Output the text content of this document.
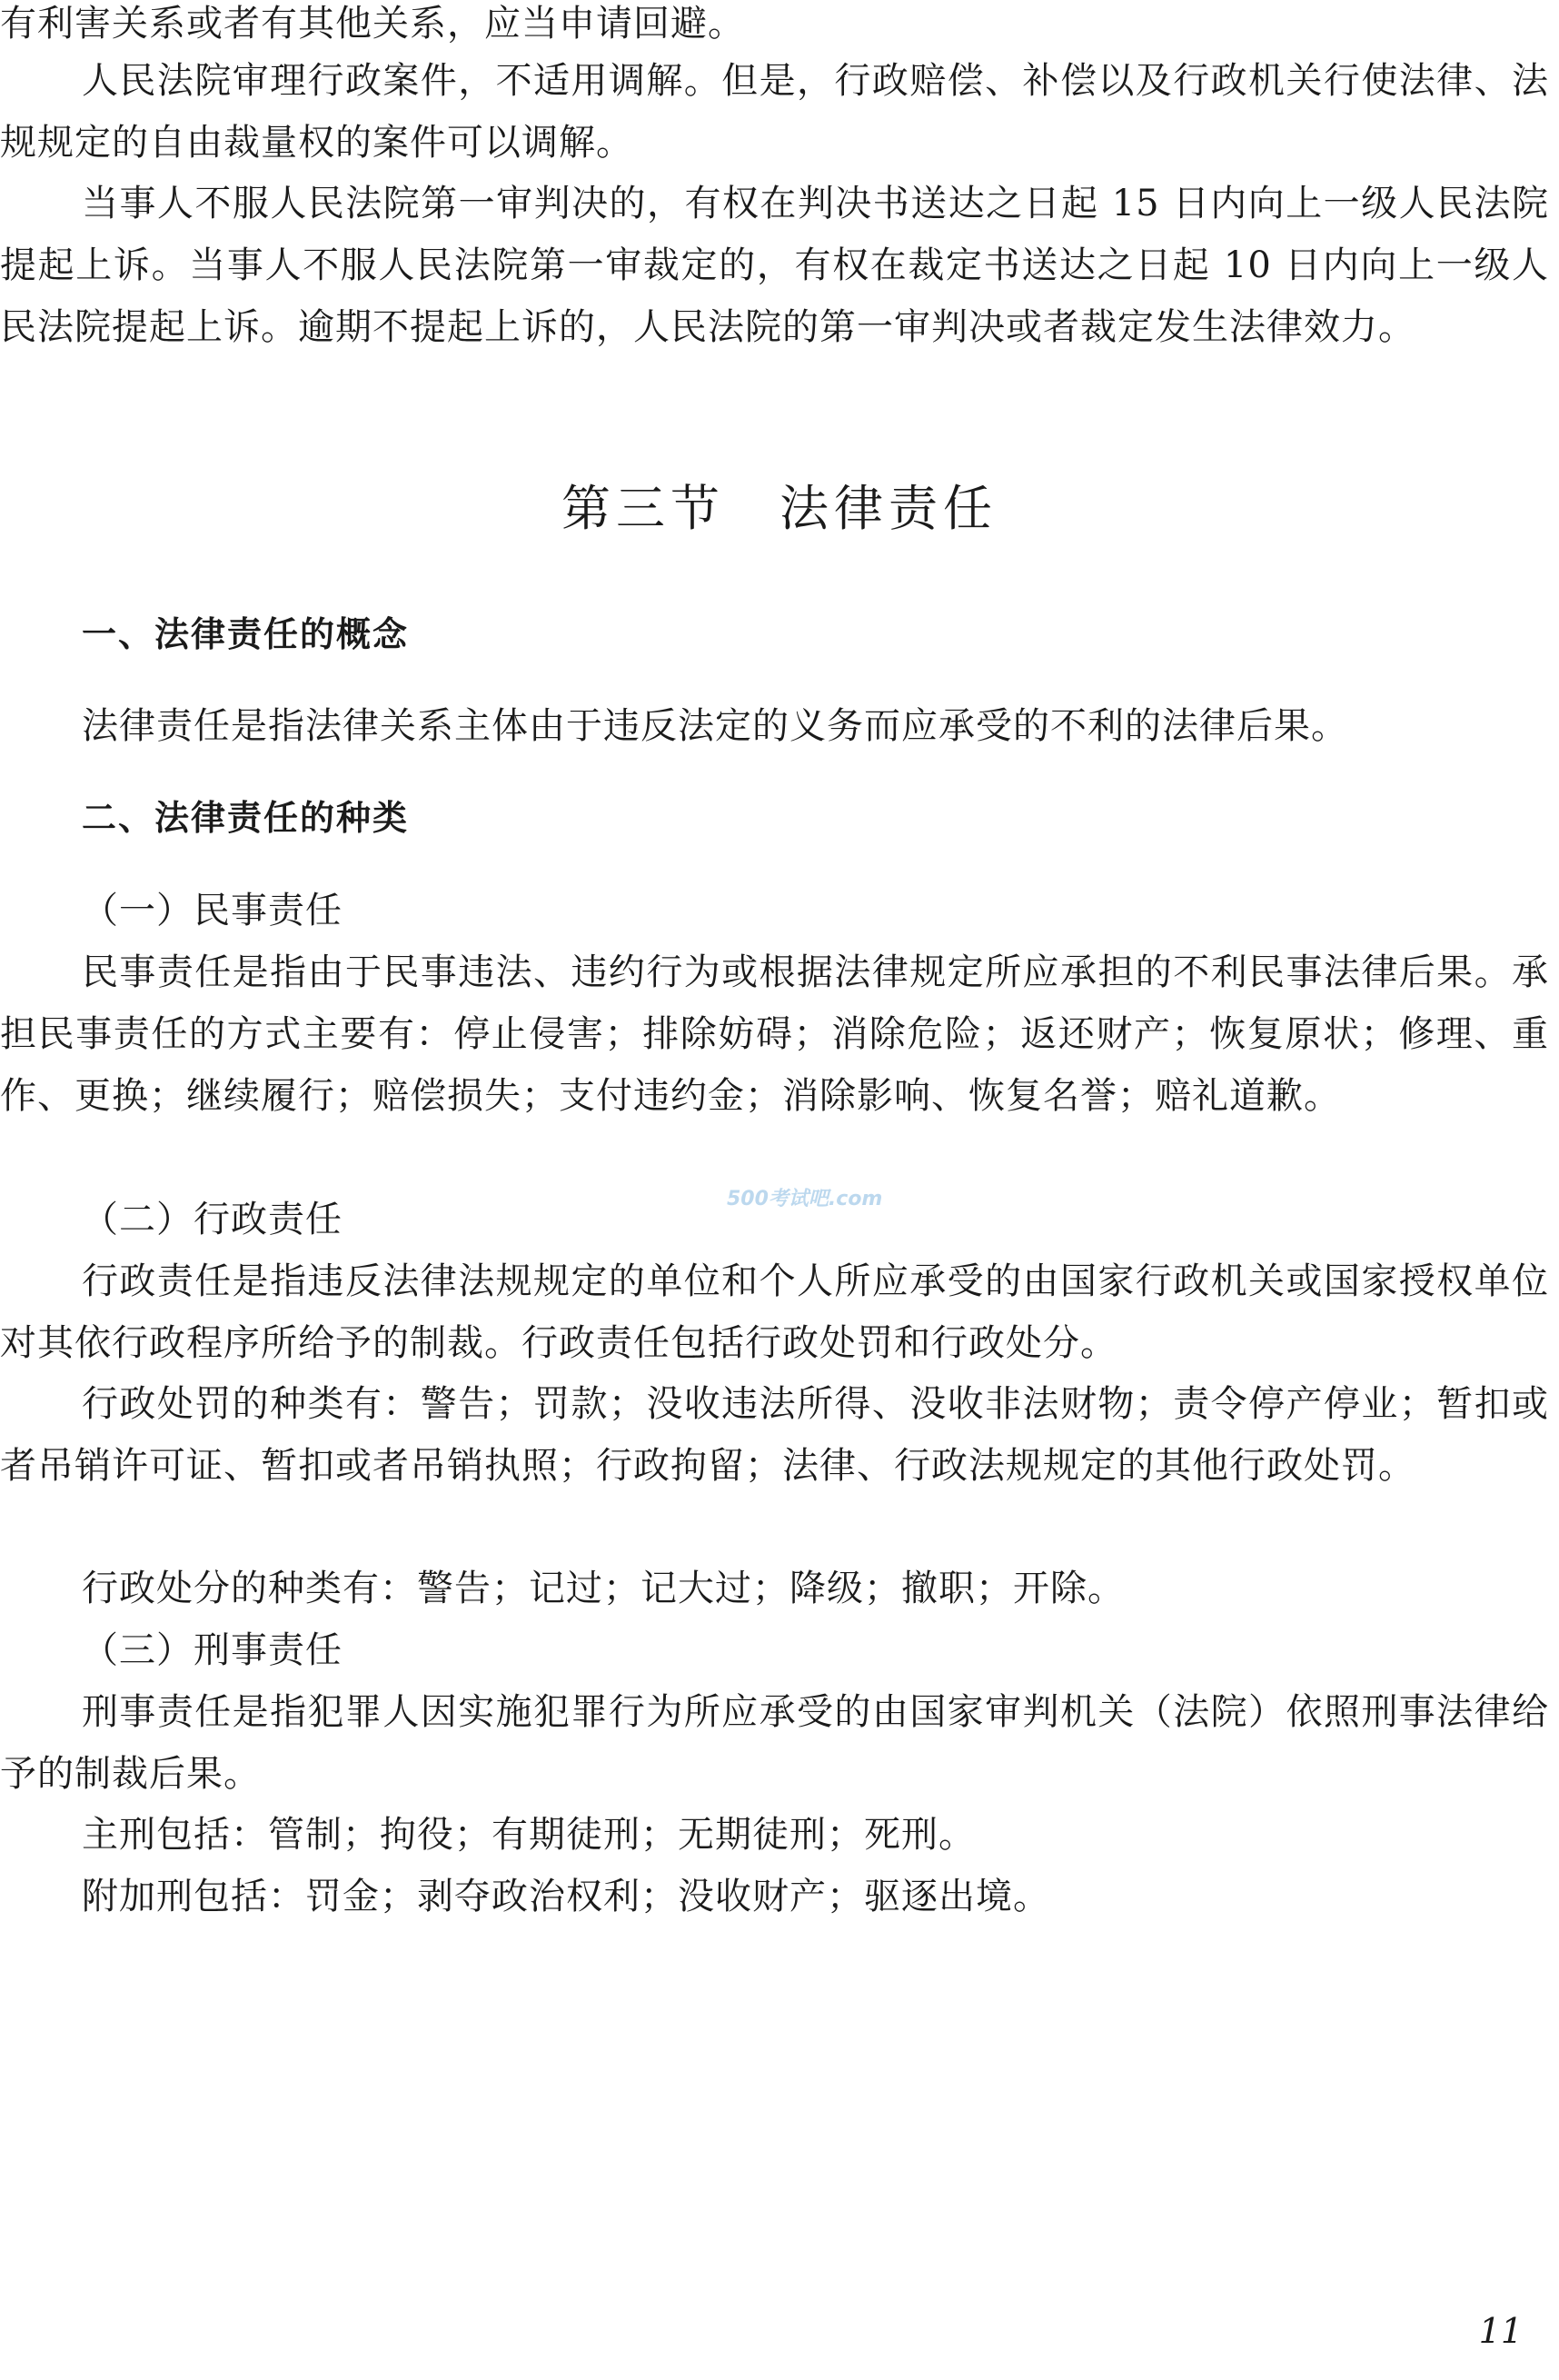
有利害关系或者有其他关系，应当申请回避。

人民法院审理行政案件，不适用调解。但是，行政赔偿、补偿以及行政机关行使法律、法规规定的自由裁量权的案件可以调解。

当事人不服人民法院第一审判决的，有权在判决书送达之日起 15 日内向上一级人民法院提起上诉。当事人不服人民法院第一审裁定的，有权在裁定书送达之日起 10 日内向上一级人民法院提起上诉。逾期不提起上诉的，人民法院的第一审判决或者裁定发生法律效力。

第三节　法律责任
一、法律责任的概念

法律责任是指法律关系主体由于违反法定的义务而应承受的不利的法律后果。

二、法律责任的种类

（一）民事责任

民事责任是指由于民事违法、违约行为或根据法律规定所应承担的不利民事法律后果。承担民事责任的方式主要有：停止侵害；排除妨碍；消除危险；返还财产；恢复原状；修理、重作、更换；继续履行；赔偿损失；支付违约金；消除影响、恢复名誉；赔礼道歉。

（二）行政责任	500考试吧.com

行政责任是指违反法律法规规定的单位和个人所应承受的由国家行政机关或国家授权单位对其依行政程序所给予的制裁。行政责任包括行政处罚和行政处分。

行政处罚的种类有：警告；罚款；没收违法所得、没收非法财物；责令停产停业；暂扣或者吊销许可证、暂扣或者吊销执照；行政拘留；法律、行政法规规定的其他行政处罚。

行政处分的种类有：警告；记过；记大过；降级；撤职；开除。

（三）刑事责任

刑事责任是指犯罪人因实施犯罪行为所应承受的由国家审判机关（法院）依照刑事法律给予的制裁后果。

主刑包括：管制；拘役；有期徒刑；无期徒刑；死刑。

附加刑包括：罚金；剥夺政治权利；没收财产；驱逐出境。

11
